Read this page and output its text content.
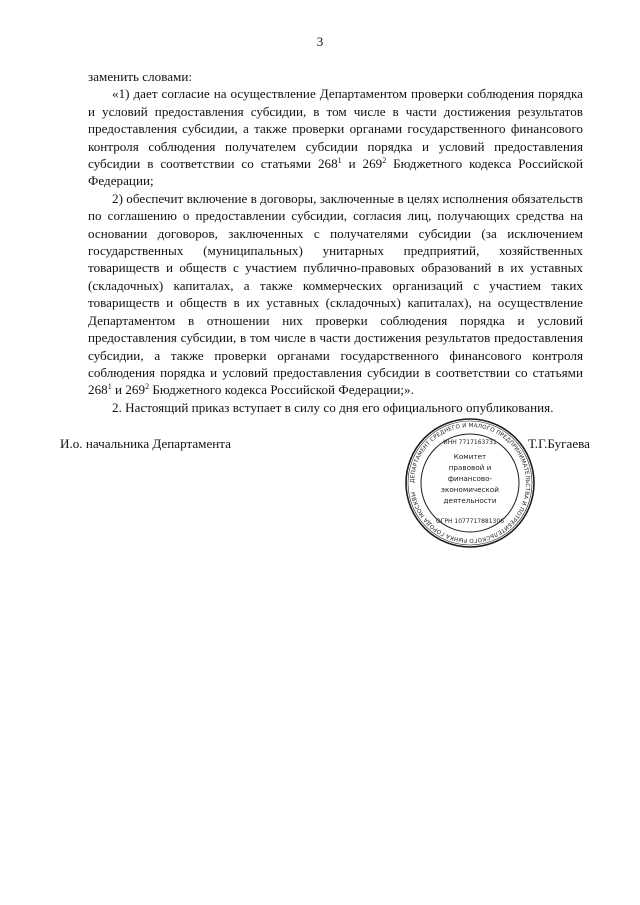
3

заменить словами:

«1) дает согласие на осуществление Департаментом проверки соблюдения порядка и условий предоставления субсидии, в том числе в части достижения результатов предоставления субсидии, а также проверки органами государственного финансового контроля соблюдения получателем субсидии порядка и условий предоставления субсидии в соответствии со статьями $268^1$ и $269^2$ Бюджетного кодекса Российской Федерации;

2) обеспечит включение в договоры, заключенные в целях исполнения обязательств по соглашению о предоставлении субсидии, согласия лиц, получающих средства на основании договоров, заключенных с получателями субсидии (за исключением государственных (муниципальных) унитарных предприятий, хозяйственных товариществ и обществ с участием публично-правовых образований в их уставных (складочных) капиталах, а также коммерческих организаций с участием таких товариществ и обществ в их уставных (складочных) капиталах), на осуществление Департаментом в отношении них проверки соблюдения порядка и условий предоставления субсидии, в том числе в части достижения результатов предоставления субсидии, а также проверки органами государственного финансового контроля соблюдения порядка и условий предоставления субсидии в соответствии со статьями $268^1$ и $269^2$ Бюджетного кодекса Российской Федерации;».

2. Настоящий приказ вступает в силу со дня его официального опубликования.

И.о. начальника Департамента	Т.Г.Бугаева
ДЕПАРТАМЕНТ СРЕДНЕГО И МАЛОГО ПРЕДПРИНИМАТЕЛЬСТВА И ПОТРЕБИТЕЛЬСКОГО РЫНКА ГОРОДА МОСКВЫ
ИНН 7717163731
Комитет
правовой и
финансово-
экономической
деятельности
ОГРН 1077717881306
